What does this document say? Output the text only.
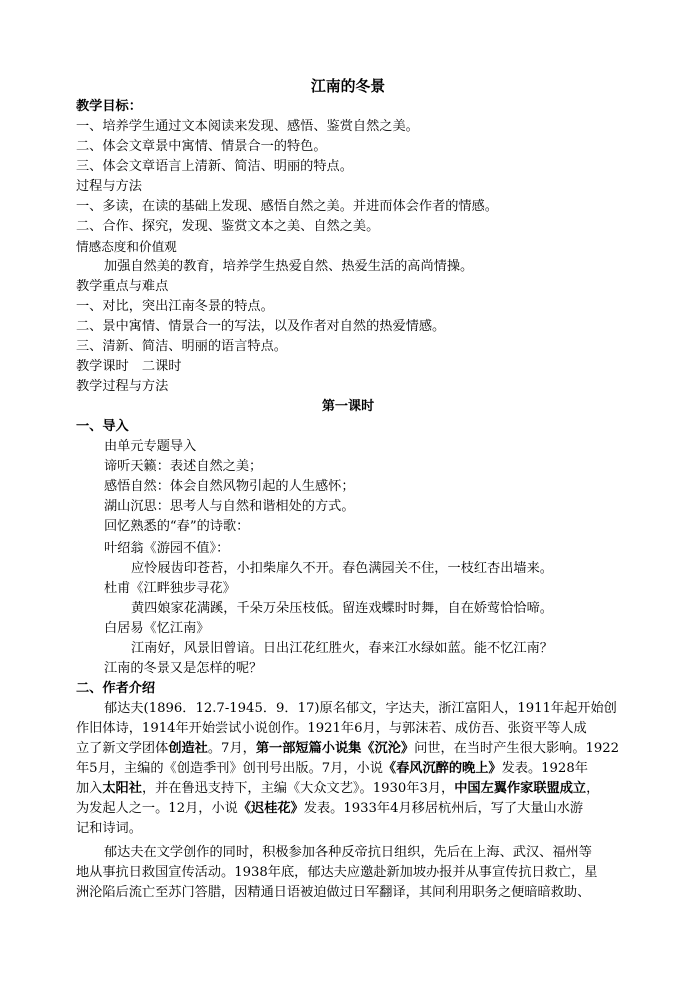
江南的冬景
教学目标：
一、培养学生通过文本阅读来发现、感悟、鉴赏自然之美。
二、体会文章景中寓情、情景合一的特色。
三、体会文章语言上清新、简洁、明丽的特点。
过程与方法
一、多读，在读的基础上发现、感悟自然之美。并进而体会作者的情感。
二、合作、探究，发现、鉴赏文本之美、自然之美。
情感态度和价值观
加强自然美的教育，培养学生热爱自然、热爱生活的高尚情操。
教学重点与难点
一、对比，突出江南冬景的特点。
二、景中寓情、情景合一的写法，以及作者对自然的热爱情感。
三、清新、简洁、明丽的语言特点。
教学课时　二课时
教学过程与方法
第一课时
一、导入
由单元专题导入
谛听天籁：表述自然之美；
感悟自然：体会自然风物引起的人生感怀；
湖山沉思：思考人与自然和谐相处的方式。
回忆熟悉的“春”的诗歌：
叶绍翁《游园不值》：
应怜屐齿印苍苔，小扣柴扉久不开。春色满园关不住，一枝红杏出墙来。
杜甫《江畔独步寻花》
黄四娘家花满蹊，千朵万朵压枝低。留连戏蝶时时舞，自在娇莺恰恰啼。
白居易《忆江南》
江南好，风景旧曾谙。日出江花红胜火，春来江水绿如蓝。能不忆江南？
江南的冬景又是怎样的呢？
二、作者介绍
郁达夫(1896．12.7-1945．9．17)原名郁文，字达夫，浙江富阳人，1911年起开始创
作旧体诗，1914年开始尝试小说创作。1921年6月，与郭沫若、成仿吾、张资平等人成
立了新文学团体创造社。7月，第一部短篇小说集《沉沦》问世，在当时产生很大影响。1922
年5月，主编的《创造季刊》创刊号出版。7月，小说《春风沉醉的晚上》发表。1928年
加入太阳社，并在鲁迅支持下，主编《大众文艺》。1930年3月，中国左翼作家联盟成立，
为发起人之一。12月，小说《迟桂花》发表。1933年4月移居杭州后，写了大量山水游
记和诗词。
郁达夫在文学创作的同时，积极参加各种反帝抗日组织，先后在上海、武汉、福州等
地从事抗日救国宣传活动。1938年底，郁达夫应邀赴新加坡办报并从事宣传抗日救亡，星
洲沦陷后流亡至苏门答腊，因精通日语被迫做过日军翻译，其间利用职务之便暗暗救助、
